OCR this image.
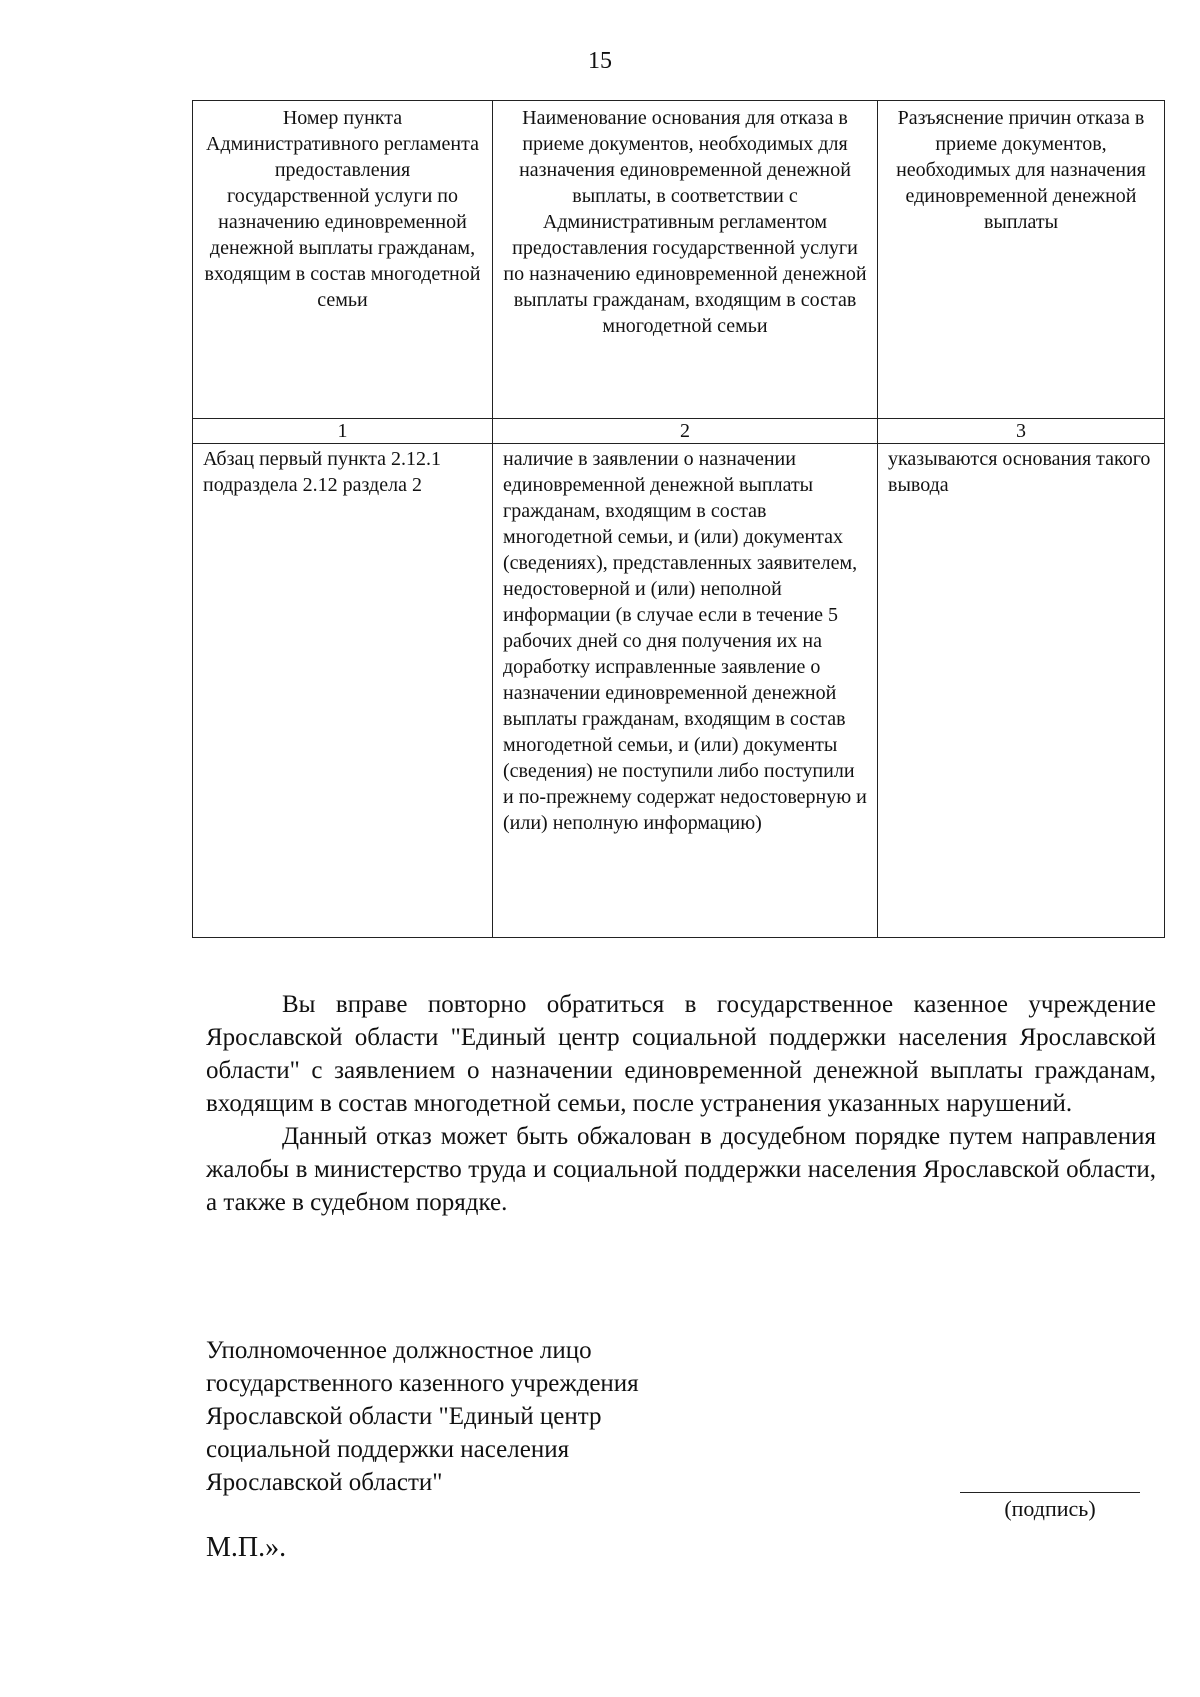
15
Номер пункта Административного регламента предоставления государственной услуги по назначению единовременной денежной выплаты гражданам, входящим в состав многодетной семьи	Наименование основания для отказа в приеме документов, необходимых для назначения единовременной денежной выплаты, в соответствии с Административным регламентом предоставления государственной услуги по назначению единовременной денежной выплаты гражданам, входящим в состав многодетной семьи	Разъяснение причин отказа в приеме документов, необходимых для назначения единовременной денежной выплаты
1	2	3
Абзац первый пункта 2.12.1 подраздела 2.12 раздела 2	наличие в заявлении о назначении единовременной денежной выплаты гражданам, входящим в состав многодетной семьи, и (или) документах (сведениях), представленных заявителем, недостоверной и (или) неполной информации (в случае если в течение 5 рабочих дней со дня получения их на доработку исправленные заявление о назначении единовременной денежной выплаты гражданам, входящим в состав многодетной семьи, и (или) документы (сведения) не поступили либо поступили и по-прежнему содержат недостоверную и (или) неполную информацию)	указываются основания такого вывода

Вы вправе повторно обратиться в государственное казенное учреждение Ярославской области "Единый центр социальной поддержки населения Ярославской области" с заявлением о назначении единовременной денежной выплаты гражданам, входящим в состав многодетной семьи, после устранения указанных нарушений.

Данный отказ может быть обжалован в досудебном порядке путем направления жалобы в министерство труда и социальной поддержки населения Ярославской области, а также в судебном порядке.

Уполномоченное должностное лицо
государственного казенного учреждения
Ярославской области "Единый центр
социальной поддержки населения
Ярославской области"
(подпись)
М.П.».
